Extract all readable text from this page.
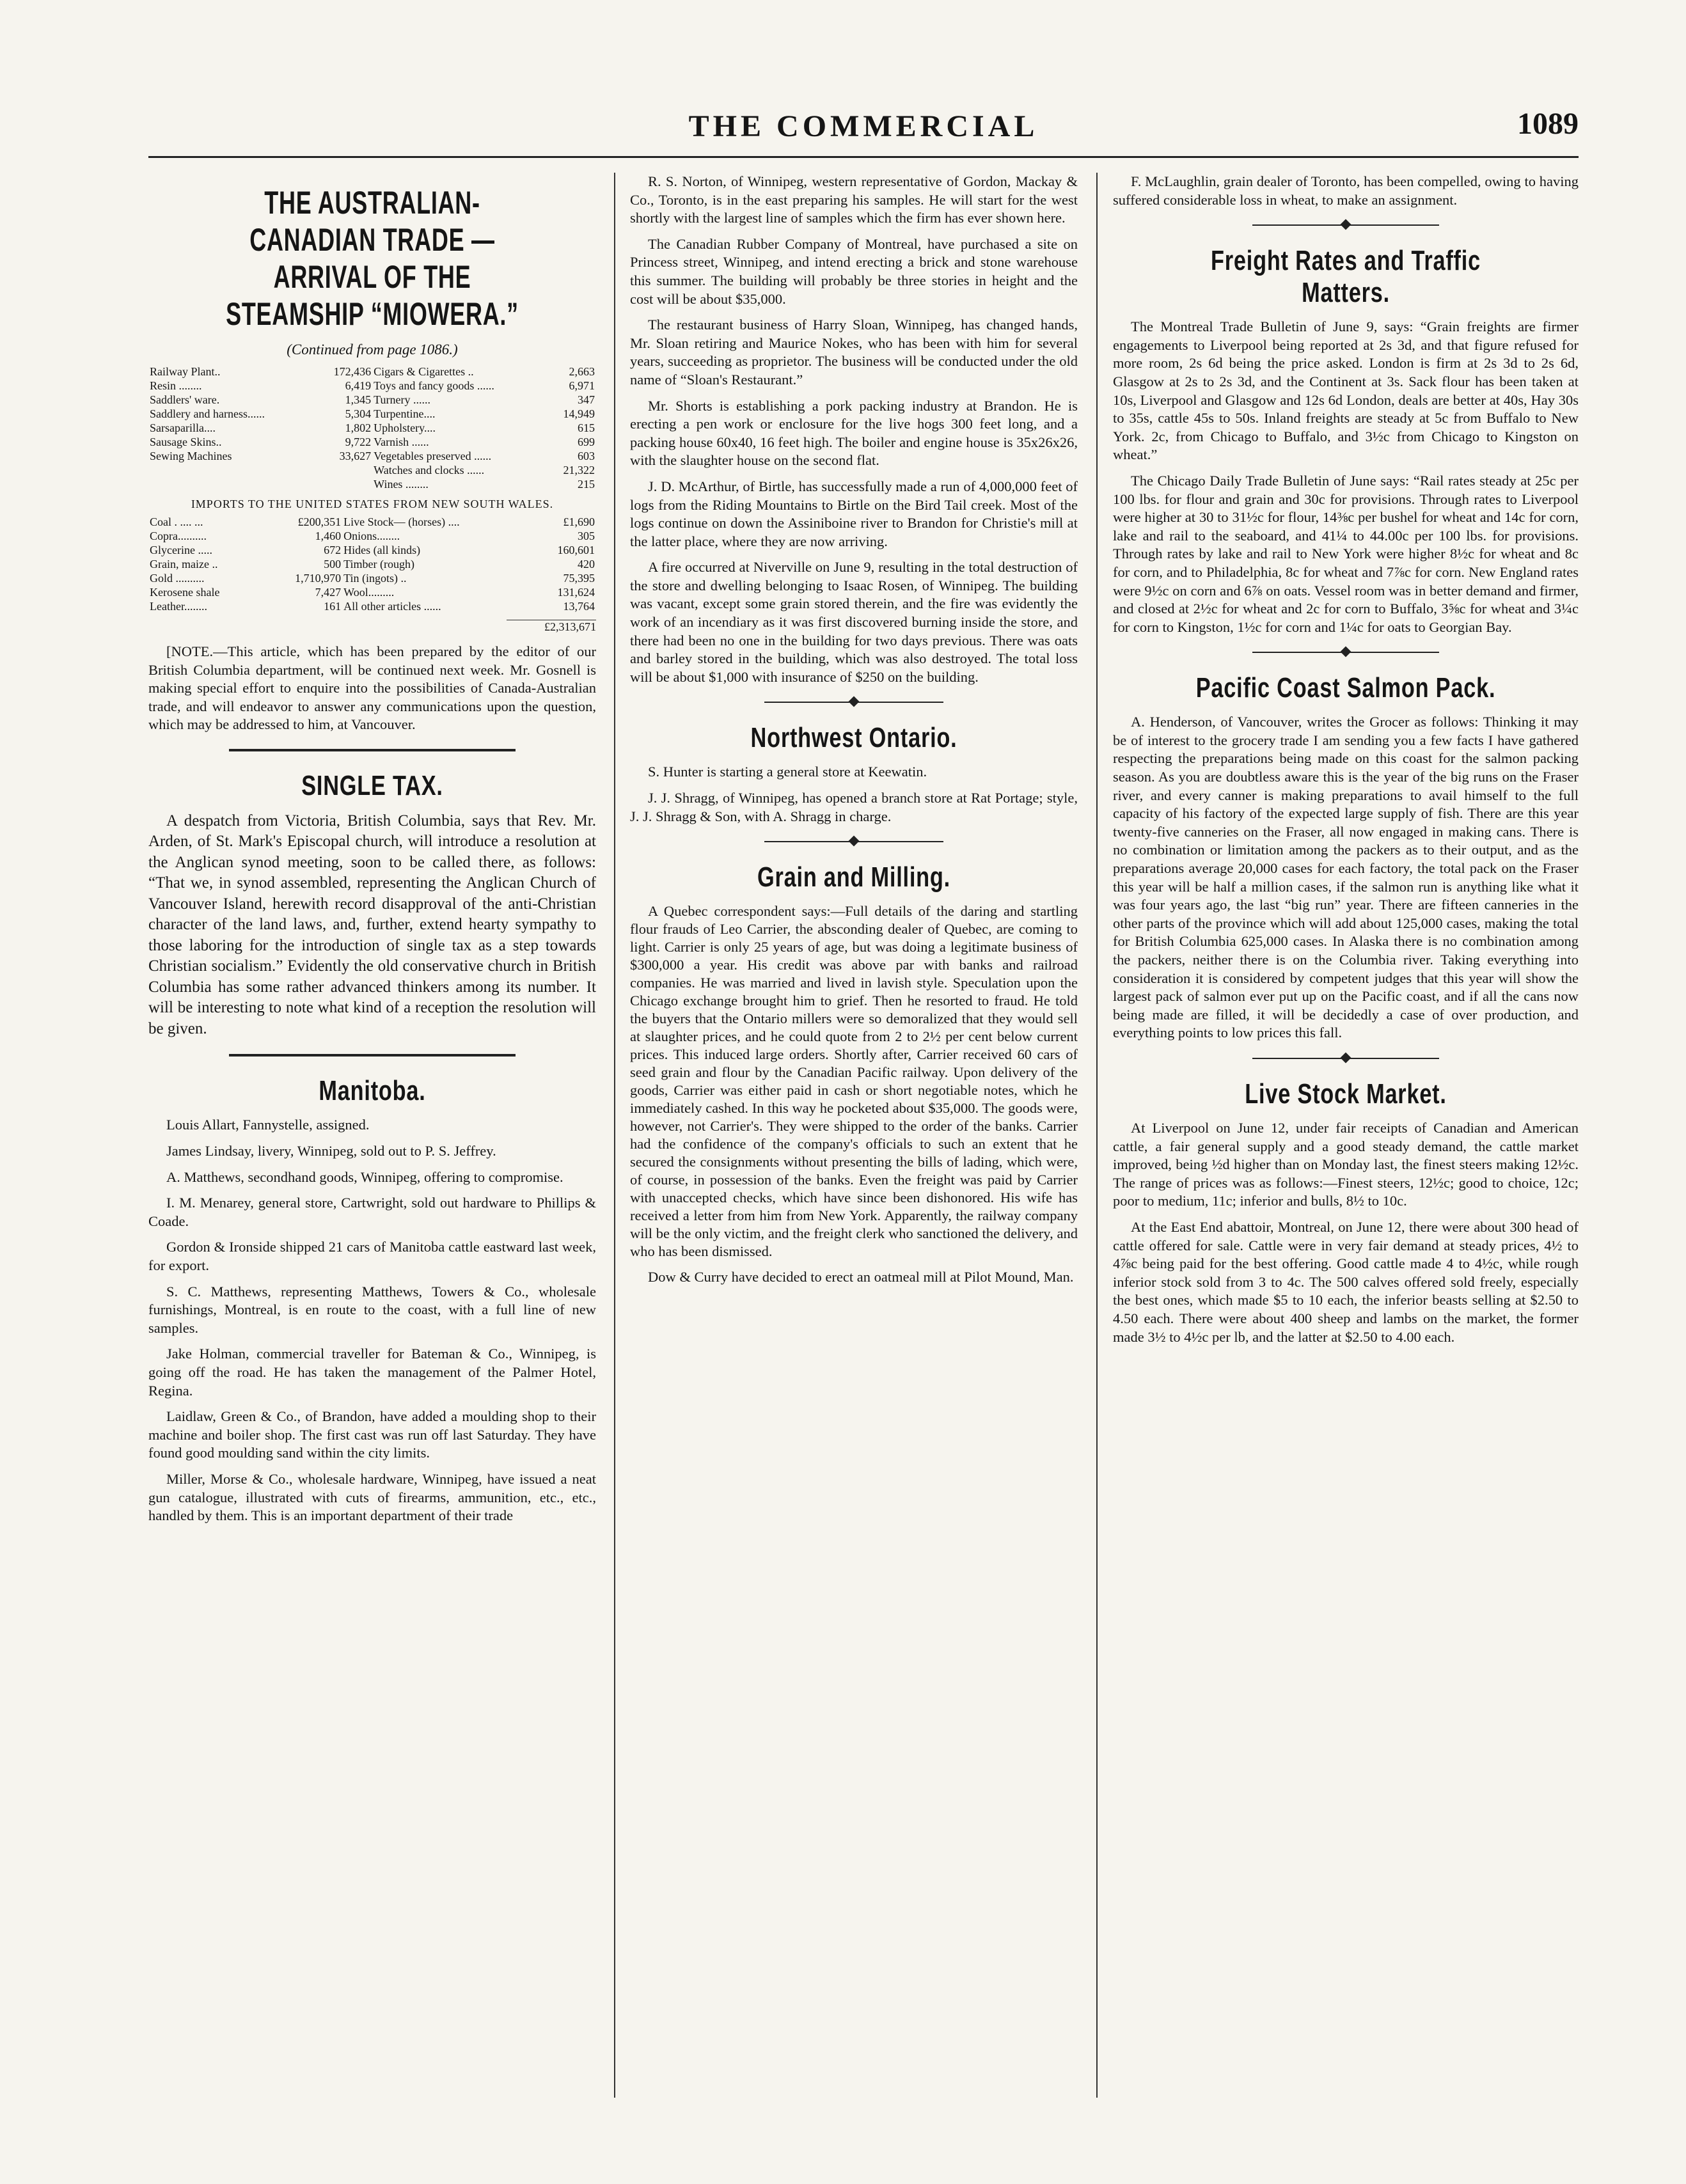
THE COMMERCIAL	1089
THE AUSTRALIAN-CANADIAN TRADE —ARRIVAL OF THE STEAMSHIP “MIOWERA.”
(Continued from page 1086.)
Railway Plant..	172,436	Cigars & Cigarettes ..	2,663
Resin ........	6,419	Toys and fancy goods ......	6,971
Saddlers' ware.	1,345	Turnery ......	347
Saddlery and harness......	5,304	Turpentine....	14,949
Sarsaparilla....	1,802	Upholstery....	615
Sausage Skins..	9,722	Varnish ......	699
Sewing Machines	33,627	Vegetables preserved ......	603
		Watches and clocks ......	21,322
		Wines ........	215
IMPORTS TO THE UNITED STATES FROM NEW SOUTH WALES.
Coal . .... ...	£200,351	Live Stock— (horses) ....	£1,690
Copra..........	1,460	Onions........	305
Glycerine .....	672	Hides (all kinds)	160,601
Grain, maize ..	500	Timber (rough)	420
Gold ..........	1,710,970	Tin (ingots) ..	75,395
Kerosene shale	7,427	Wool.........	131,624
Leather........	161	All other articles ......	13,764
£2,313,671

[NOTE.—This article, which has been prepared by the editor of our British Columbia department, will be continued next week. Mr. Gosnell is making special effort to enquire into the possibilities of Canada-Australian trade, and will endeavor to answer any communications upon the question, which may be addressed to him, at Vancouver.

SINGLE TAX.

A despatch from Victoria, British Columbia, says that Rev. Mr. Arden, of St. Mark's Episcopal church, will introduce a resolution at the Anglican synod meeting, soon to be called there, as follows: “That we, in synod assembled, representing the Anglican Church of Vancouver Island, herewith record disapproval of the anti-Christian character of the land laws, and, further, extend hearty sympathy to those laboring for the introduction of single tax as a step towards Christian socialism.” Evidently the old conservative church in British Columbia has some rather advanced thinkers among its number. It will be interesting to note what kind of a reception the resolution will be given.

Manitoba.

Louis Allart, Fannystelle, assigned.

James Lindsay, livery, Winnipeg, sold out to P. S. Jeffrey.

A. Matthews, secondhand goods, Winnipeg, offering to compromise.

I. M. Menarey, general store, Cartwright, sold out hardware to Phillips & Coade.

Gordon & Ironside shipped 21 cars of Manitoba cattle eastward last week, for export.

S. C. Matthews, representing Matthews, Towers & Co., wholesale furnishings, Montreal, is en route to the coast, with a full line of new samples.

Jake Holman, commercial traveller for Bateman & Co., Winnipeg, is going off the road. He has taken the management of the Palmer Hotel, Regina.

Laidlaw, Green & Co., of Brandon, have added a moulding shop to their machine and boiler shop. The first cast was run off last Saturday. They have found good moulding sand within the city limits.

Miller, Morse & Co., wholesale hardware, Winnipeg, have issued a neat gun catalogue, illustrated with cuts of firearms, ammunition, etc., etc., handled by them. This is an important department of their trade

R. S. Norton, of Winnipeg, western representative of Gordon, Mackay & Co., Toronto, is in the east preparing his samples. He will start for the west shortly with the largest line of samples which the firm has ever shown here.

The Canadian Rubber Company of Montreal, have purchased a site on Princess street, Winnipeg, and intend erecting a brick and stone warehouse this summer. The building will probably be three stories in height and the cost will be about $35,000.

The restaurant business of Harry Sloan, Winnipeg, has changed hands, Mr. Sloan retiring and Maurice Nokes, who has been with him for several years, succeeding as proprietor. The business will be conducted under the old name of “Sloan's Restaurant.”

Mr. Shorts is establishing a pork packing industry at Brandon. He is erecting a pen work or enclosure for the live hogs 300 feet long, and a packing house 60x40, 16 feet high. The boiler and engine house is 35x26x26, with the slaughter house on the second flat.

J. D. McArthur, of Birtle, has successfully made a run of 4,000,000 feet of logs from the Riding Mountains to Birtle on the Bird Tail creek. Most of the logs continue on down the Assiniboine river to Brandon for Christie's mill at the latter place, where they are now arriving.

A fire occurred at Niverville on June 9, resulting in the total destruction of the store and dwelling belonging to Isaac Rosen, of Winnipeg. The building was vacant, except some grain stored therein, and the fire was evidently the work of an incendiary as it was first discovered burning inside the store, and there had been no one in the building for two days previous. There was oats and barley stored in the building, which was also destroyed. The total loss will be about $1,000 with insurance of $250 on the building.

Northwest Ontario.

S. Hunter is starting a general store at Keewatin.

J. J. Shragg, of Winnipeg, has opened a branch store at Rat Portage; style, J. J. Shragg & Son, with A. Shragg in charge.

Grain and Milling.

A Quebec correspondent says:—Full details of the daring and startling flour frauds of Leo Carrier, the absconding dealer of Quebec, are coming to light. Carrier is only 25 years of age, but was doing a legitimate business of $300,000 a year. His credit was above par with banks and railroad companies. He was married and lived in lavish style. Speculation upon the Chicago exchange brought him to grief. Then he resorted to fraud. He told the buyers that the Ontario millers were so demoralized that they would sell at slaughter prices, and he could quote from 2 to 2½ per cent below current prices. This induced large orders. Shortly after, Carrier received 60 cars of seed grain and flour by the Canadian Pacific railway. Upon delivery of the goods, Carrier was either paid in cash or short negotiable notes, which he immediately cashed. In this way he pocketed about $35,000. The goods were, however, not Carrier's. They were shipped to the order of the banks. Carrier had the confidence of the company's officials to such an extent that he secured the consignments without presenting the bills of lading, which were, of course, in possession of the banks. Even the freight was paid by Carrier with unaccepted checks, which have since been dishonored. His wife has received a letter from him from New York. Apparently, the railway company will be the only victim, and the freight clerk who sanctioned the delivery, and who has been dismissed.

Dow & Curry have decided to erect an oatmeal mill at Pilot Mound, Man.

F. McLaughlin, grain dealer of Toronto, has been compelled, owing to having suffered considerable loss in wheat, to make an assignment.

Freight Rates and Traffic Matters.

The Montreal Trade Bulletin of June 9, says: “Grain freights are firmer engagements to Liverpool being reported at 2s 3d, and that figure refused for more room, 2s 6d being the price asked. London is firm at 2s 3d to 2s 6d, Glasgow at 2s to 2s 3d, and the Continent at 3s. Sack flour has been taken at 10s, Liverpool and Glasgow and 12s 6d London, deals are better at 40s, Hay 30s to 35s, cattle 45s to 50s. Inland freights are steady at 5c from Buffalo to New York. 2c, from Chicago to Buffalo, and 3½c from Chicago to Kingston on wheat.”

The Chicago Daily Trade Bulletin of June says: “Rail rates steady at 25c per 100 lbs. for flour and grain and 30c for provisions. Through rates to Liverpool were higher at 30 to 31½c for flour, 14⅜c per bushel for wheat and 14c for corn, lake and rail to the seaboard, and 41¼ to 44.00c per 100 lbs. for provisions. Through rates by lake and rail to New York were higher 8½c for wheat and 8c for corn, and to Philadelphia, 8c for wheat and 7⅞c for corn. New England rates were 9½c on corn and 6⅞ on oats. Vessel room was in better demand and firmer, and closed at 2½c for wheat and 2c for corn to Buffalo, 3⅝c for wheat and 3¼c for corn to Kingston, 1½c for corn and 1¼c for oats to Georgian Bay.

Pacific Coast Salmon Pack.

A. Henderson, of Vancouver, writes the Grocer as follows: Thinking it may be of interest to the grocery trade I am sending you a few facts I have gathered respecting the preparations being made on this coast for the salmon packing season. As you are doubtless aware this is the year of the big runs on the Fraser river, and every canner is making preparations to avail himself to the full capacity of his factory of the expected large supply of fish. There are this year twenty-five canneries on the Fraser, all now engaged in making cans. There is no combination or limitation among the packers as to their output, and as the preparations average 20,000 cases for each factory, the total pack on the Fraser this year will be half a million cases, if the salmon run is anything like what it was four years ago, the last “big run” year. There are fifteen canneries in the other parts of the province which will add about 125,000 cases, making the total for British Columbia 625,000 cases. In Alaska there is no combination among the packers, neither there is on the Columbia river. Taking everything into consideration it is considered by competent judges that this year will show the largest pack of salmon ever put up on the Pacific coast, and if all the cans now being made are filled, it will be decidedly a case of over production, and everything points to low prices this fall.

Live Stock Market.

At Liverpool on June 12, under fair receipts of Canadian and American cattle, a fair general supply and a good steady demand, the cattle market improved, being ½d higher than on Monday last, the finest steers making 12½c. The range of prices was as follows:—Finest steers, 12½c; good to choice, 12c; poor to medium, 11c; inferior and bulls, 8½ to 10c.

At the East End abattoir, Montreal, on June 12, there were about 300 head of cattle offered for sale. Cattle were in very fair demand at steady prices, 4½ to 4⅞c being paid for the best offering. Good cattle made 4 to 4½c, while rough inferior stock sold from 3 to 4c. The 500 calves offered sold freely, especially the best ones, which made $5 to 10 each, the inferior beasts selling at $2.50 to 4.50 each. There were about 400 sheep and lambs on the market, the former made 3½ to 4½c per lb, and the latter at $2.50 to 4.00 each.
